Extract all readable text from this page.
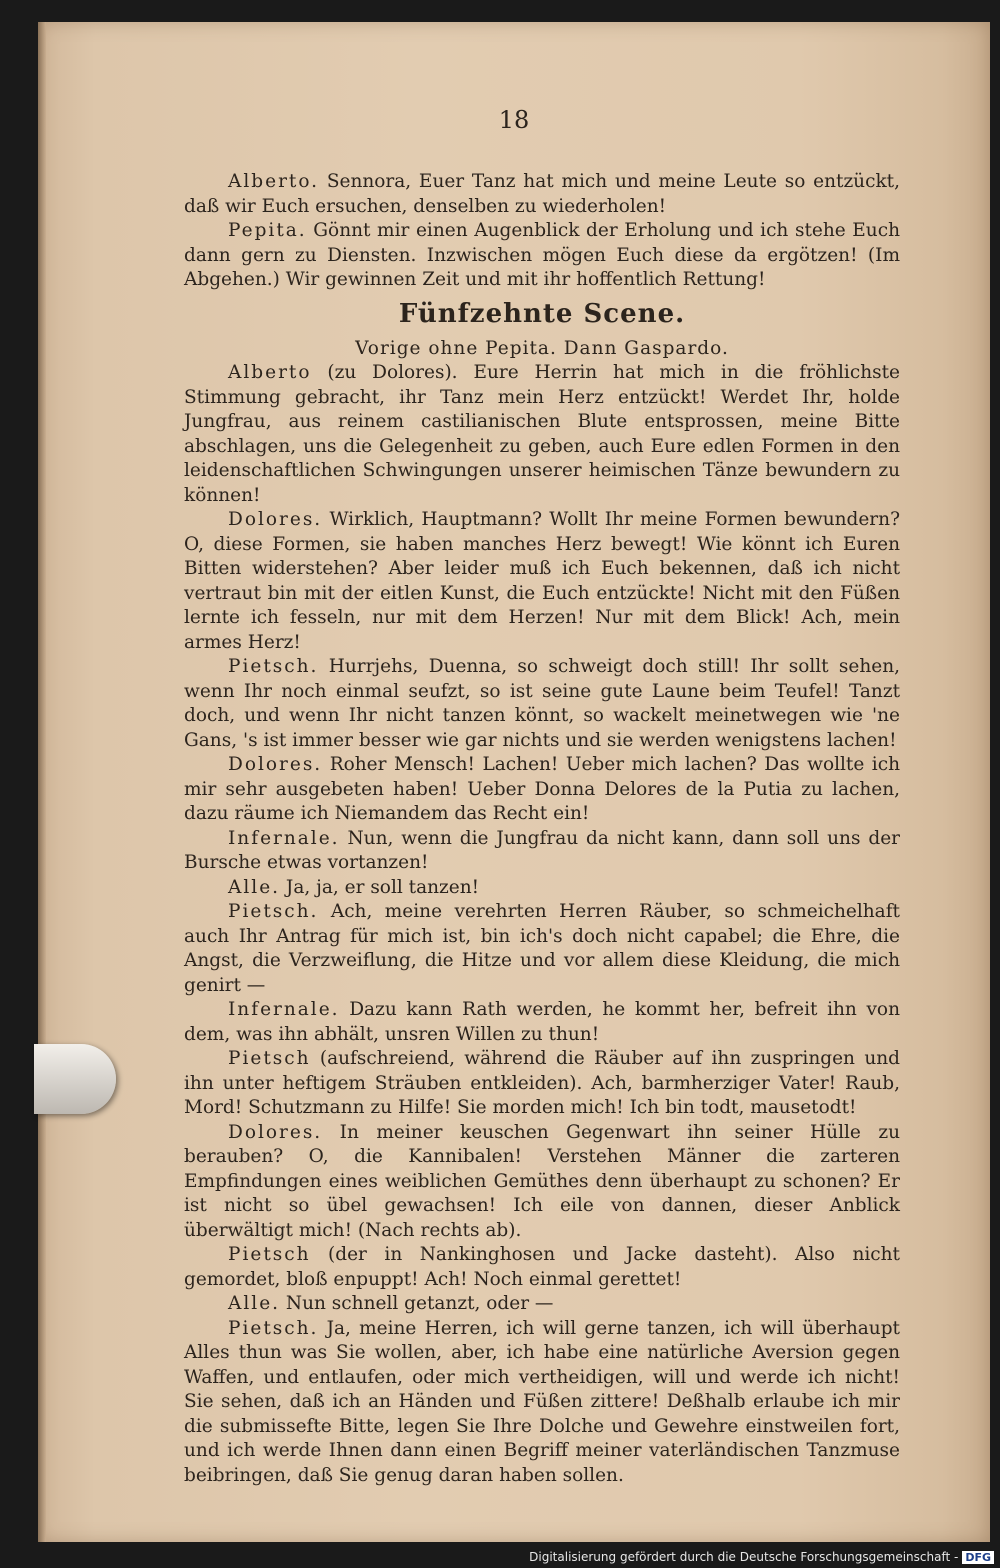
18

Alberto. Sennora, Euer Tanz hat mich und meine Leute so entzückt, daß wir Euch ersuchen, denselben zu wiederholen!

Pepita. Gönnt mir einen Augenblick der Erholung und ich stehe Euch dann gern zu Diensten. Inzwischen mögen Euch diese da ergötzen! (Im Abgehen.) Wir gewinnen Zeit und mit ihr hoffentlich Rettung!

Fünfzehnte Scene.

Vorige ohne Pepita. Dann Gaspardo.

Alberto (zu Dolores). Eure Herrin hat mich in die fröhlichste Stimmung gebracht, ihr Tanz mein Herz entzückt! Werdet Ihr, holde Jungfrau, aus reinem castilianischen Blute entsprossen, meine Bitte abschlagen, uns die Gelegenheit zu geben, auch Eure edlen Formen in den leidenschaftlichen Schwingungen unserer heimischen Tänze bewundern zu können!

Dolores. Wirklich, Hauptmann? Wollt Ihr meine Formen bewundern? O, diese Formen, sie haben manches Herz bewegt! Wie könnt ich Euren Bitten widerstehen? Aber leider muß ich Euch bekennen, daß ich nicht vertraut bin mit der eitlen Kunst, die Euch entzückte! Nicht mit den Füßen lernte ich fesseln, nur mit dem Herzen! Nur mit dem Blick! Ach, mein armes Herz!

Pietsch. Hurrjehs, Duenna, so schweigt doch still! Ihr sollt sehen, wenn Ihr noch einmal seufzt, so ist seine gute Laune beim Teufel! Tanzt doch, und wenn Ihr nicht tanzen könnt, so wackelt meinetwegen wie 'ne Gans, 's ist immer besser wie gar nichts und sie werden wenigstens lachen!

Dolores. Roher Mensch! Lachen! Ueber mich lachen? Das wollte ich mir sehr ausgebeten haben! Ueber Donna Delores de la Putia zu lachen, dazu räume ich Niemandem das Recht ein!

Infernale. Nun, wenn die Jungfrau da nicht kann, dann soll uns der Bursche etwas vortanzen!

Alle. Ja, ja, er soll tanzen!

Pietsch. Ach, meine verehrten Herren Räuber, so schmeichelhaft auch Ihr Antrag für mich ist, bin ich's doch nicht capabel; die Ehre, die Angst, die Verzweiflung, die Hitze und vor allem diese Kleidung, die mich genirt —

Infernale. Dazu kann Rath werden, he kommt her, befreit ihn von dem, was ihn abhält, unsren Willen zu thun!

Pietsch (aufschreiend, während die Räuber auf ihn zuspringen und ihn unter heftigem Sträuben entkleiden). Ach, barmherziger Vater! Raub, Mord! Schutzmann zu Hilfe! Sie morden mich! Ich bin todt, mausetodt!

Dolores. In meiner keuschen Gegenwart ihn seiner Hülle zu berauben? O, die Kannibalen! Verstehen Männer die zarteren Empfindungen eines weiblichen Gemüthes denn überhaupt zu schonen? Er ist nicht so übel gewachsen! Ich eile von dannen, dieser Anblick überwältigt mich! (Nach rechts ab).

Pietsch (der in Nankinghosen und Jacke dasteht). Also nicht gemordet, bloß enpuppt! Ach! Noch einmal gerettet!

Alle. Nun schnell getanzt, oder —

Pietsch. Ja, meine Herren, ich will gerne tanzen, ich will überhaupt Alles thun was Sie wollen, aber, ich habe eine natürliche Aversion gegen Waffen, und entlaufen, oder mich vertheidigen, will und werde ich nicht! Sie sehen, daß ich an Händen und Füßen zittere! Deßhalb erlaube ich mir die submissefte Bitte, legen Sie Ihre Dolche und Gewehre einstweilen fort, und ich werde Ihnen dann einen Begriff meiner vaterländischen Tanzmuse beibringen, daß Sie genug daran haben sollen.

Digitalisierung gefördert durch die Deutsche Forschungsgemeinschaft - DFG
